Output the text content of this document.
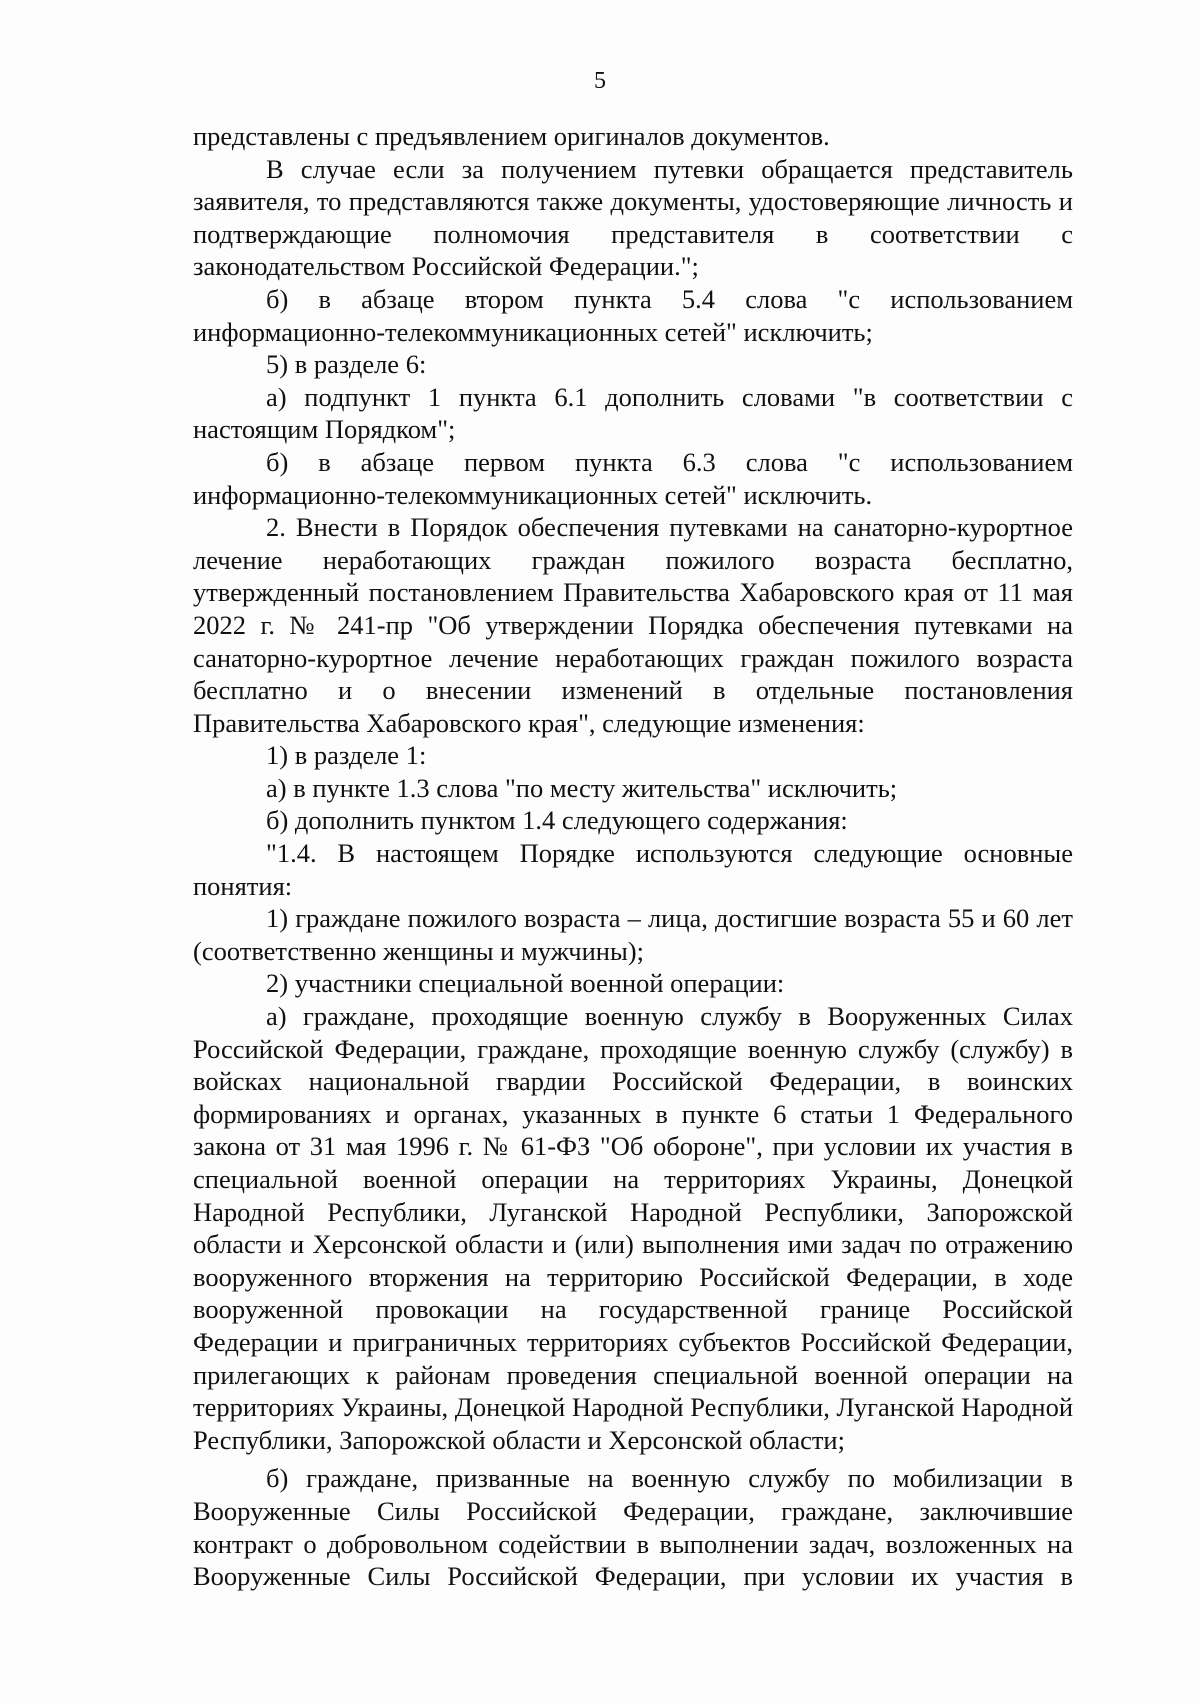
5

представлены с предъявлением оригиналов документов.

В случае если за получением путевки обращается представитель заявителя, то представляются также документы, удостоверяющие личность и подтверждающие полномочия представителя в соответствии с законодательством Российской Федерации.";

б) в абзаце втором пункта 5.4 слова "с использованием информационно-телекоммуникационных сетей" исключить;

5) в разделе 6:

а) подпункт 1 пункта 6.1 дополнить словами "в соответствии с настоящим Порядком";

б) в абзаце первом пункта 6.3 слова "с использованием информационно-телекоммуникационных сетей" исключить.

2. Внести в Порядок обеспечения путевками на санаторно-курортное лечение неработающих граждан пожилого возраста бесплатно, утвержденный постановлением Правительства Хабаровского края от 11 мая 2022 г. № 241-пр "Об утверждении Порядка обеспечения путевками на санаторно-курортное лечение неработающих граждан пожилого возраста бесплатно и о внесении изменений в отдельные постановления Правительства Хабаровского края", следующие изменения:

1) в разделе 1:

а) в пункте 1.3 слова "по месту жительства" исключить;

б) дополнить пунктом 1.4 следующего содержания:

"1.4. В настоящем Порядке используются следующие основные понятия:

1) граждане пожилого возраста – лица, достигшие возраста 55 и 60 лет (соответственно женщины и мужчины);

2) участники специальной военной операции:

а) граждане, проходящие военную службу в Вооруженных Силах Российской Федерации, граждане, проходящие военную службу (службу) в войсках национальной гвардии Российской Федерации, в воинских формированиях и органах, указанных в пункте 6 статьи 1 Федерального закона от 31 мая 1996 г. № 61-ФЗ "Об обороне", при условии их участия в специальной военной операции на территориях Украины, Донецкой Народной Республики, Луганской Народной Республики, Запорожской области и Херсонской области и (или) выполнения ими задач по отражению вооруженного вторжения на территорию Российской Федерации, в ходе вооруженной провокации на государственной границе Российской Федерации и приграничных территориях субъектов Российской Федерации, прилегающих к районам проведения специальной военной операции на территориях Украины, Донецкой Народной Республики, Луганской Народной Республики, Запорожской области и Херсонской области;

б) граждане, призванные на военную службу по мобилизации в Вооруженные Силы Российской Федерации, граждане, заключившие контракт о добровольном содействии в выполнении задач, возложенных на Вооруженные Силы Российской Федерации, при условии их участия в
